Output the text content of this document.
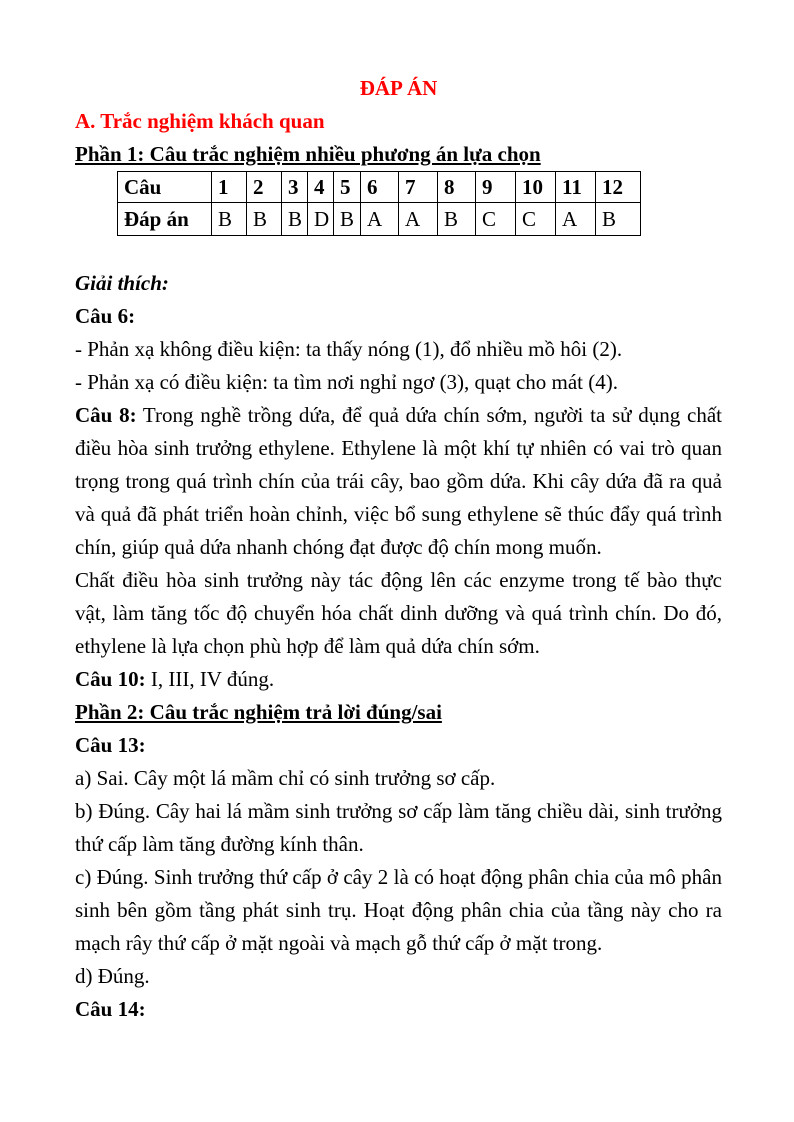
ĐÁP ÁN
A. Trắc nghiệm khách quan
Phần 1: Câu trắc nghiệm nhiều phương án lựa chọn
Câu	1	2	3	4	5	6	7	8	9	10	11	12
Đáp án	B	B	B	D	B	A	A	B	C	C	A	B
Giải thích:
Câu 6:
- Phản xạ không điều kiện: ta thấy nóng (1), đổ nhiều mồ hôi (2).
- Phản xạ có điều kiện: ta tìm nơi nghỉ ngơ (3), quạt cho mát (4).
Câu 8: Trong nghề trồng dứa, để quả dứa chín sớm, người ta sử dụng chất điều hòa sinh trưởng ethylene. Ethylene là một khí tự nhiên có vai trò quan trọng trong quá trình chín của trái cây, bao gồm dứa. Khi cây dứa đã ra quả và quả đã phát triển hoàn chỉnh, việc bổ sung ethylene sẽ thúc đẩy quá trình chín, giúp quả dứa nhanh chóng đạt được độ chín mong muốn.
Chất điều hòa sinh trưởng này tác động lên các enzyme trong tế bào thực vật, làm tăng tốc độ chuyển hóa chất dinh dưỡng và quá trình chín. Do đó, ethylene là lựa chọn phù hợp để làm quả dứa chín sớm.
Câu 10: I, III, IV đúng.
Phần 2: Câu trắc nghiệm trả lời đúng/sai
Câu 13:
a) Sai. Cây một lá mầm chỉ có sinh trưởng sơ cấp.
b) Đúng. Cây hai lá mầm sinh trưởng sơ cấp làm tăng chiều dài, sinh trưởng thứ cấp làm tăng đường kính thân.
c) Đúng. Sinh trưởng thứ cấp ở cây 2 là có hoạt động phân chia của mô phân sinh bên gồm tầng phát sinh trụ. Hoạt động phân chia của tầng này cho ra mạch rây thứ cấp ở mặt ngoài và mạch gỗ thứ cấp ở mặt trong.
d) Đúng.
Câu 14:
